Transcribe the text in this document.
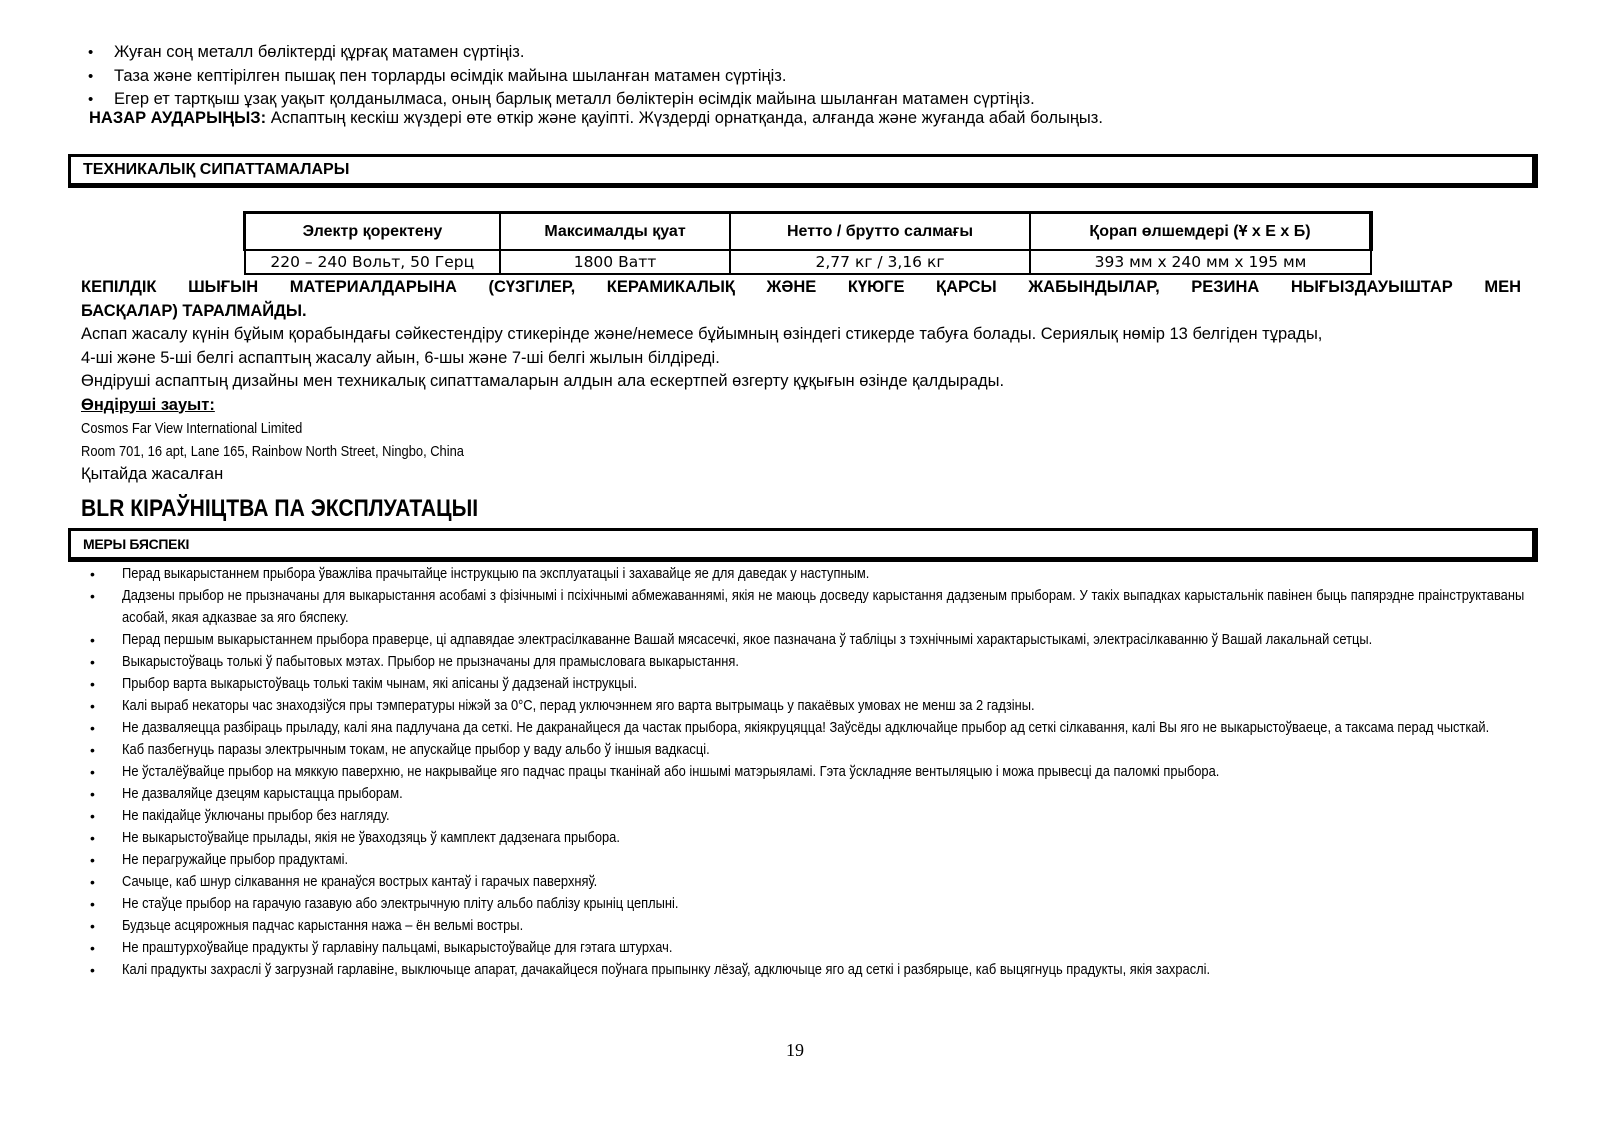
• Жуған соң металл бөліктерді құрғақ матамен сүртіңіз.
• Таза және кептірілген пышақ пен торларды өсімдік майына шыланған матамен сүртіңіз.
• Егер ет тартқыш ұзақ уақыт қолданылмаса, оның барлық металл бөліктерін өсімдік майына шыланған матамен сүртіңіз.
НАЗАР АУДАРЫҢЫЗ: Аспаптың кескіш жүздері өте өткір және қауіпті. Жүздерді орнатқанда, алғанда және жуғанда абай болыңыз.
ТЕХНИКАЛЫҚ СИПАТТАМАЛАРЫ
Электр қоректену	Максималды қуат	Нетто / брутто салмағы	Қорап өлшемдері (Ұ х Е х Б)
220 – 240 Вольт, 50 Герц	1800 Ватт	2,77 кг / 3,16 кг	393 мм х 240 мм х 195 мм
КЕПІЛДІК ШЫҒЫН МАТЕРИАЛДАРЫНА (СҮЗГІЛЕР, КЕРАМИКАЛЫҚ ЖӘНЕ КҮЮГЕ ҚАРСЫ ЖАБЫНДЫЛАР, РЕЗИНА НЫҒЫЗДАУЫШТАР МЕН
БАСҚАЛАР) ТАРАЛМАЙДЫ.
Аспап жасалу күнін бұйым қорабындағы сәйкестендіру стикерінде және/немесе бұйымның өзіндегі стикерде табуға болады. Сериялық нөмір 13 белгіден тұрады,
4-ші және 5-ші белгі аспаптың жасалу айын, 6-шы және 7-ші белгі жылын білдіреді.
Өндіруші аспаптың дизайны мен техникалық сипаттамаларын алдын ала ескертпей өзгерту құқығын өзінде қалдырады.
Өндіруші зауыт:
Cosmos Far View International Limited
Room 701, 16 apt, Lane 165, Rainbow North Street, Ningbo, China
Қытайда жасалған
BLR КІРАЎНІЦТВА ПА ЭКСПЛУАТАЦЫІ
МЕРЫ БЯСПЕКІ
• Перад выкарыстаннем прыбора ўважліва прачытайце інструкцыю па эксплуатацыі і захавайце яе для даведак у наступным.
• Дадзены прыбор не прызначаны для выкарыстання асобамі з фізічнымі і псіхічнымі абмежаваннямі, якія не маюць досведу карыстання дадзеным прыборам. У такіх выпадках карыстальнік павінен быць папярэдне праінструктаваны асобай, якая адказвае за яго бяспеку.
• Перад першым выкарыстаннем прыбора праверце, ці адпавядае электрасілкаванне Вашай мясасечкі, якое пазначана ў табліцы з тэхнічнымі характарыстыкамі, электрасілкаванню ў Вашай лакальнай сетцы.
• Выкарыстоўваць толькі ў пабытовых мэтах. Прыбор не прызначаны для прамысловага выкарыстання.
• Прыбор варта выкарыстоўваць толькі такім чынам, які апісаны ў дадзенай інструкцыі.
• Калі выраб некаторы час знаходзіўся пры тэмпературы ніжэй за 0°С, перад уключэннем яго варта вытрымаць у пакаёвых умовах не менш за 2 гадзіны.
• Не дазваляецца разбіраць прыладу, калі яна падлучана да сеткі. Не дакранайцеся да частак прыбора, якіякруцяцца! Заўсёды адключайце прыбор ад сеткі сілкавання, калі Вы яго не выкарыстоўваеце, а таксама перад чысткай.
• Каб пазбегнуць паразы электрычным токам, не апускайце прыбор у ваду альбо ў іншыя вадкасці.
• Не ўсталёўвайце прыбор на мяккую паверхню, не накрывайце яго падчас працы тканінай або іншымі матэрыяламі. Гэта ўскладняе вентыляцыю і можа прывесці да паломкі прыбора.
• Не дазваляйце дзецям карыстацца прыборам.
• Не пакідайце ўключаны прыбор без нагляду.
• Не выкарыстоўвайце прылады, якія не ўваходзяць ў камплект дадзенага прыбора.
• Не перагружайце прыбор прадуктамі.
• Сачыце, каб шнур сілкавання не кранаўся вострых кантаў і гарачых паверхняў.
• Не стаўце прыбор на гарачую газавую або электрычную пліту альбо паблізу крыніц цеплыні.
• Будзьце асцярожныя падчас карыстання нажа – ён вельмі востры.
• Не праштурхоўвайце прадукты ў гарлавіну пальцамі, выкарыстоўвайце для гэтага штурхач.
• Калі прадукты захраслі ў загрузнай гарлавіне, выключыце апарат, дачакайцеся поўнага прыпынку лёзаў, адключыце яго ад сеткі і разбярыце, каб выцягнуць прадукты, якія захраслі.
19
